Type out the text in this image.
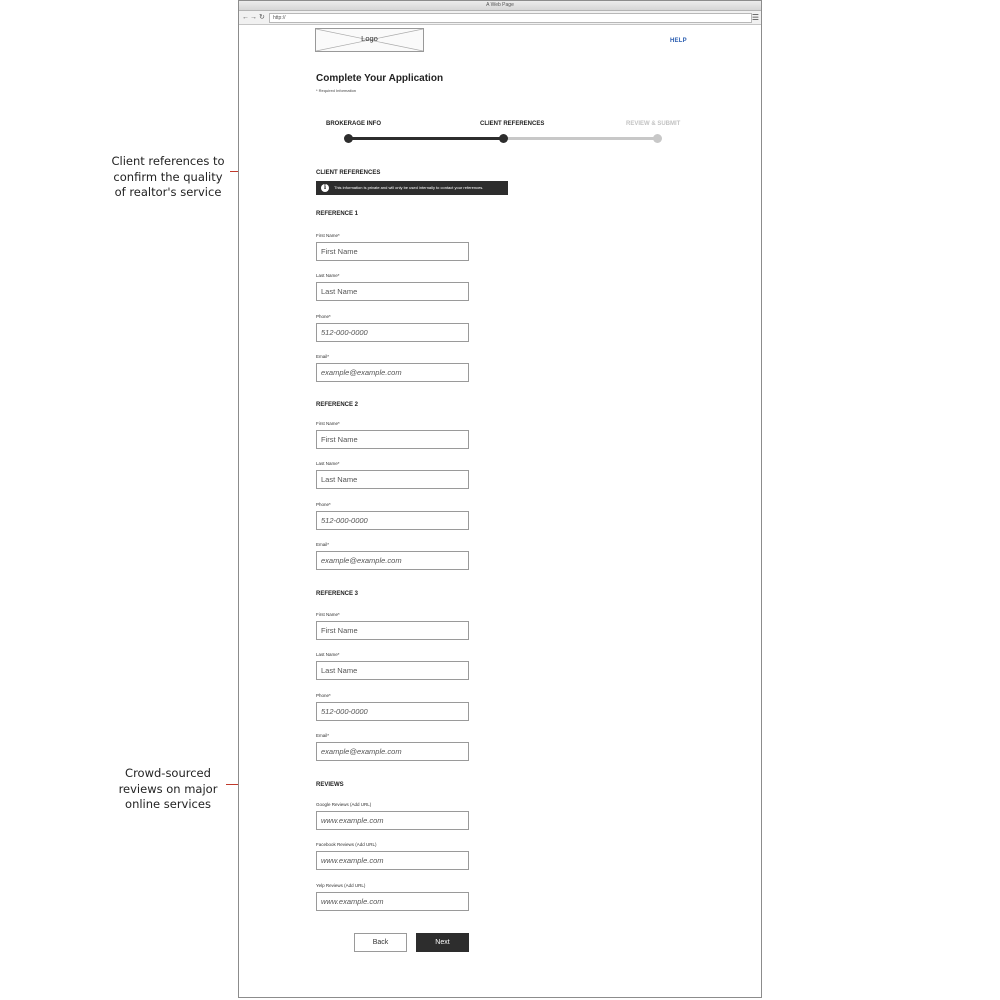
Client references to confirm the quality of realtor's service
Crowd-sourced reviews on major online services
A Web Page
← → ↻	http://	☰
Logo	HELP
Complete Your Application
* Required Information
BROKERAGE INFO	CLIENT REFERENCES	REVIEW & SUBMIT
CLIENT REFERENCES
i	This information is private and will only be used internally to contact your references.
REFERENCE 1
First Name*
First Name
Last Name*
Last Name
Phone*
512-000-0000
Email*
example@example.com
REFERENCE 2
First Name*
First Name
Last Name*
Last Name
Phone*
512-000-0000
Email*
example@example.com
REFERENCE 3
First Name*
First Name
Last Name*
Last Name
Phone*
512-000-0000
Email*
example@example.com
REVIEWS
Google Reviews (Add URL)
www.example.com
Facebook Reviews (Add URL)
www.example.com
Yelp Reviews (Add URL)
www.example.com
Back	Next
